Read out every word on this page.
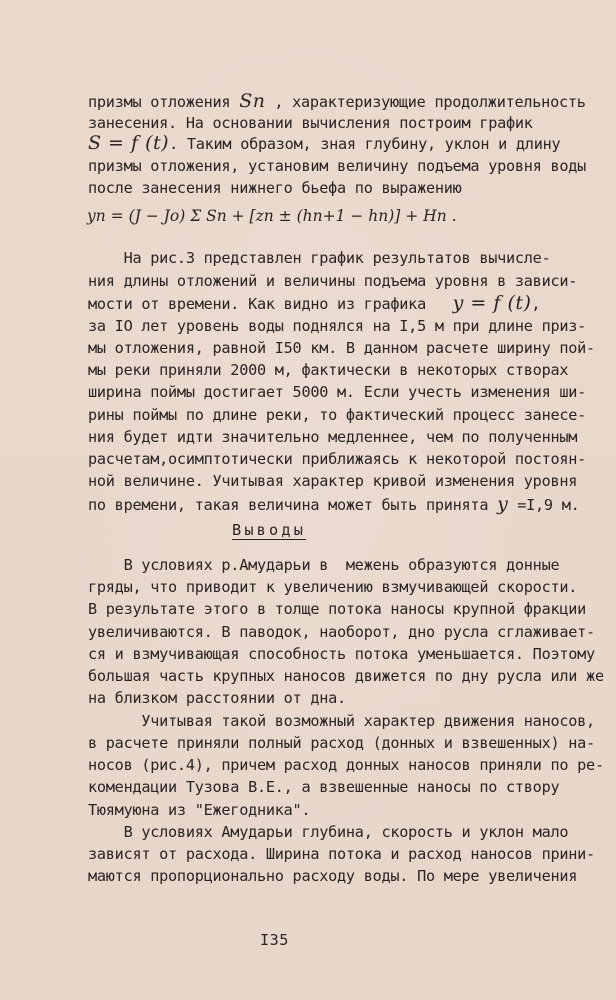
призмы отложения Sn , характеризующие продолжительность
занесения. На основании вычисления построим график
S = f (t). Таким образом, зная глубину, уклон и длину
призмы отложения, установим величину подъема уровня воды
после занесения нижнего бьефа по выражению
yn = (J − Jo) Σ Sn + [zn ± (hn+1 − hn)] + Hn .
На рис.3 представлен график результатов вычисле-
ния длины отложений и величины подъема уровня в зависи-
мости от времени. Как видно из графика   y = f (t),
за IO лет уровень воды поднялся на I,5 м при длине приз-
мы отложения, равной I50 км. В данном расчете ширину пой-
мы реки приняли 2000 м, фактически в некоторых створах
ширина поймы достигает 5000 м. Если учесть изменения ши-
рины поймы по длине реки, то фактический процесс занесе-
ния будет идти значительно медленнее, чем по полученным
расчетам,осимптотически приближаясь к некоторой постоян-
ной величине. Учитывая характер кривой изменения уровня
по времени, такая величина может быть принята y =I,9 м.
Выводы
В условиях р.Амударьи в  межень образуются донные
гряды, что приводит к увеличению взмучивающей скорости.
В результате этого в толще потока наносы крупной фракции
увеличиваются. В паводок, наоборот, дно русла сглаживает-
ся и взмучивающая способность потока уменьшается. Поэтому
большая часть крупных наносов движется по дну русла или же
на близком расстоянии от дна.
Учитывая такой возможный характер движения наносов,
в расчете приняли полный расход (донных и взвешенных) на-
носов (рис.4), причем расход донных наносов приняли по ре-
комендации Тузова В.Е., а взвешенные наносы по створу
Тюямуюна из "Ежегодника".
В условиях Амударьи глубина, скорость и уклон мало
зависят от расхода. Ширина потока и расход наносов прини-
маются пропорционально расходу воды. По мере увеличения
I35
